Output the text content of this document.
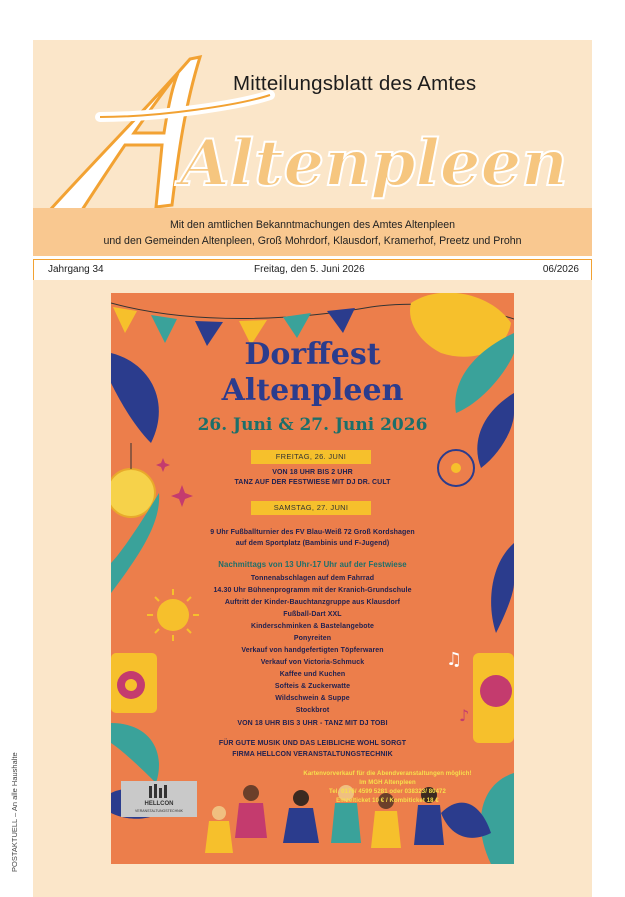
Altenpleen
Mitteilungsblatt des Amtes
Mit den amtlichen Bekanntmachungen des Amtes Altenpleen
und den Gemeinden Altenpleen, Groß Mohrdorf, Klausdorf, Kramerhof, Preetz und Prohn
Jahrgang 34	Freitag, den 5. Juni 2026	06/2026
POSTAKTUELL – An alle Haushalte
♫
♪
Dorffest
Altenpleen
26. Juni & 27. Juni 2026
FREITAG, 26. JUNI
VON 18 UHR BIS 2 UHR
TANZ AUF DER FESTWIESE MIT DJ DR. CULT
SAMSTAG, 27. JUNI
9 Uhr Fußballturnier des FV Blau-Weiß 72 Groß Kordshagen
auf dem Sportplatz (Bambinis und F-Jugend)
Nachmittags von 13 Uhr-17 Uhr auf der Festwiese
Tonnenabschlagen auf dem Fahrrad
14.30 Uhr Bühnenprogramm mit der Kranich-Grundschule
Auftritt der Kinder-Bauchtanzgruppe aus Klausdorf
Fußball-Dart XXL
Kinderschminken & Bastelangebote
Ponyreiten
Verkauf von handgefertigten Töpferwaren
Verkauf von Victoria-Schmuck
Kaffee und Kuchen
Softeis & Zuckerwatte
Wildschwein & Suppe
Stockbrot
VON 18 UHR BIS 3 UHR - TANZ MIT DJ TOBI
FÜR GUTE MUSIK UND DAS LEIBLICHE WOHL SORGT
FIRMA HELLCON VERANSTALTUNGSTECHNIK
Kartenvorverkauf für die Abendveranstaltungen möglich!
Im MGH Altenpleen
Tel. 0176/ 4599 5281 oder 038323/ 80472
Einzelticket 10 € / Kombiticket 18 €
HELLCON
VERANSTALTUNGSTECHNIK
